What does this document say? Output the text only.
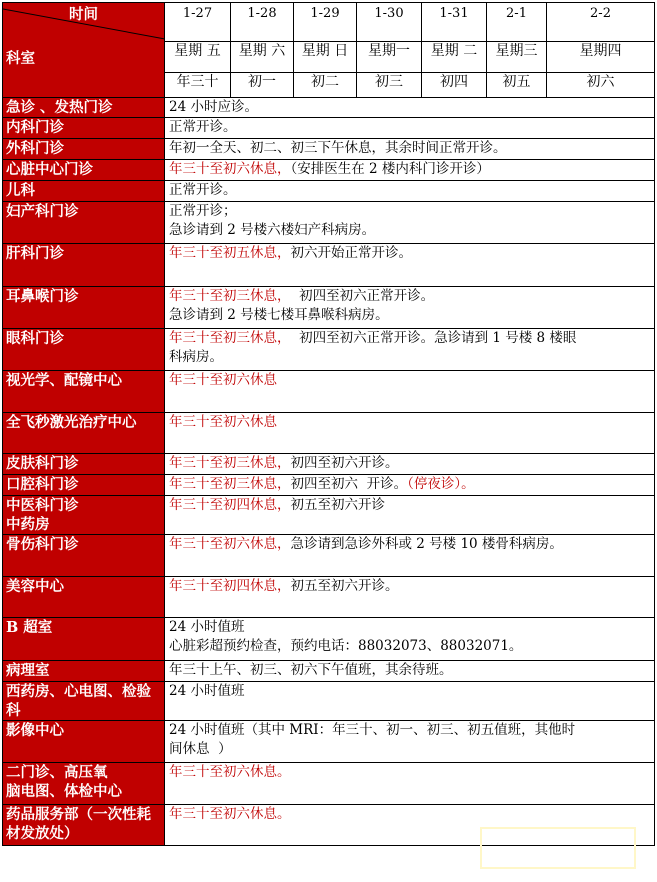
时间
科室	1-27	1-28	1-29	1-30	1-31	2-1	2-2
	星期 五	星期 六	星期 日	星期一	星期 二	星期三	星期四
	年三十	初一	初二	初三	初四	初五	初六
急诊 、发热门诊	24 小时应诊。						

内科门诊	正常开诊。						

外科门诊	年初一全天、初二、初三下午休息，其余时间正常开诊。						

心脏中心门诊	年三十至初六休息，（安排医生在 2 楼内科门诊开诊）						

儿科	正常开诊。						

妇产科门诊	正常开诊；
急诊请到 2 号楼六楼妇产科病房。						

肝科门诊	年三十至初五休息，初六开始正常开诊。						

耳鼻喉门诊	年三十至初三休息，  初四至初六正常开诊。
急诊请到 2 号楼七楼耳鼻喉科病房。						

眼科门诊	年三十至初三休息，  初四至初六正常开诊。急诊请到 1 号楼 8 楼眼
科病房。						

视光学、配镜中心	年三十至初六休息						

全飞秒激光治疗中心	年三十至初六休息						

皮肤科门诊	年三十至初三休息，初四至初六开诊。						

口腔科门诊	年三十至初三休息，初四至初六  开诊。（停夜诊）。						

中医科门诊
中药房	年三十至初四休息，初五至初六开诊						

骨伤科门诊	年三十至初六休息，急诊请到急诊外科或 2 号楼 10 楼骨科病房。						

美容中心	年三十至初四休息，初五至初六开诊。						

B 超室	24 小时值班
心脏彩超预约检查，预约电话：88032073、88032071。						

病理室	年三十上午、初三、初六下午值班，其余待班。						

西药房、心电图、检验科	24 小时值班						

影像中心	24 小时值班（其中 MRI：年三十、初一、初三、初五值班，其他时
间休息  ）						

二门诊、高压氧
脑电图、体检中心	年三十至初六休息。						

药品服务部（一次性耗材发放处）	年三十至初六休息。						
